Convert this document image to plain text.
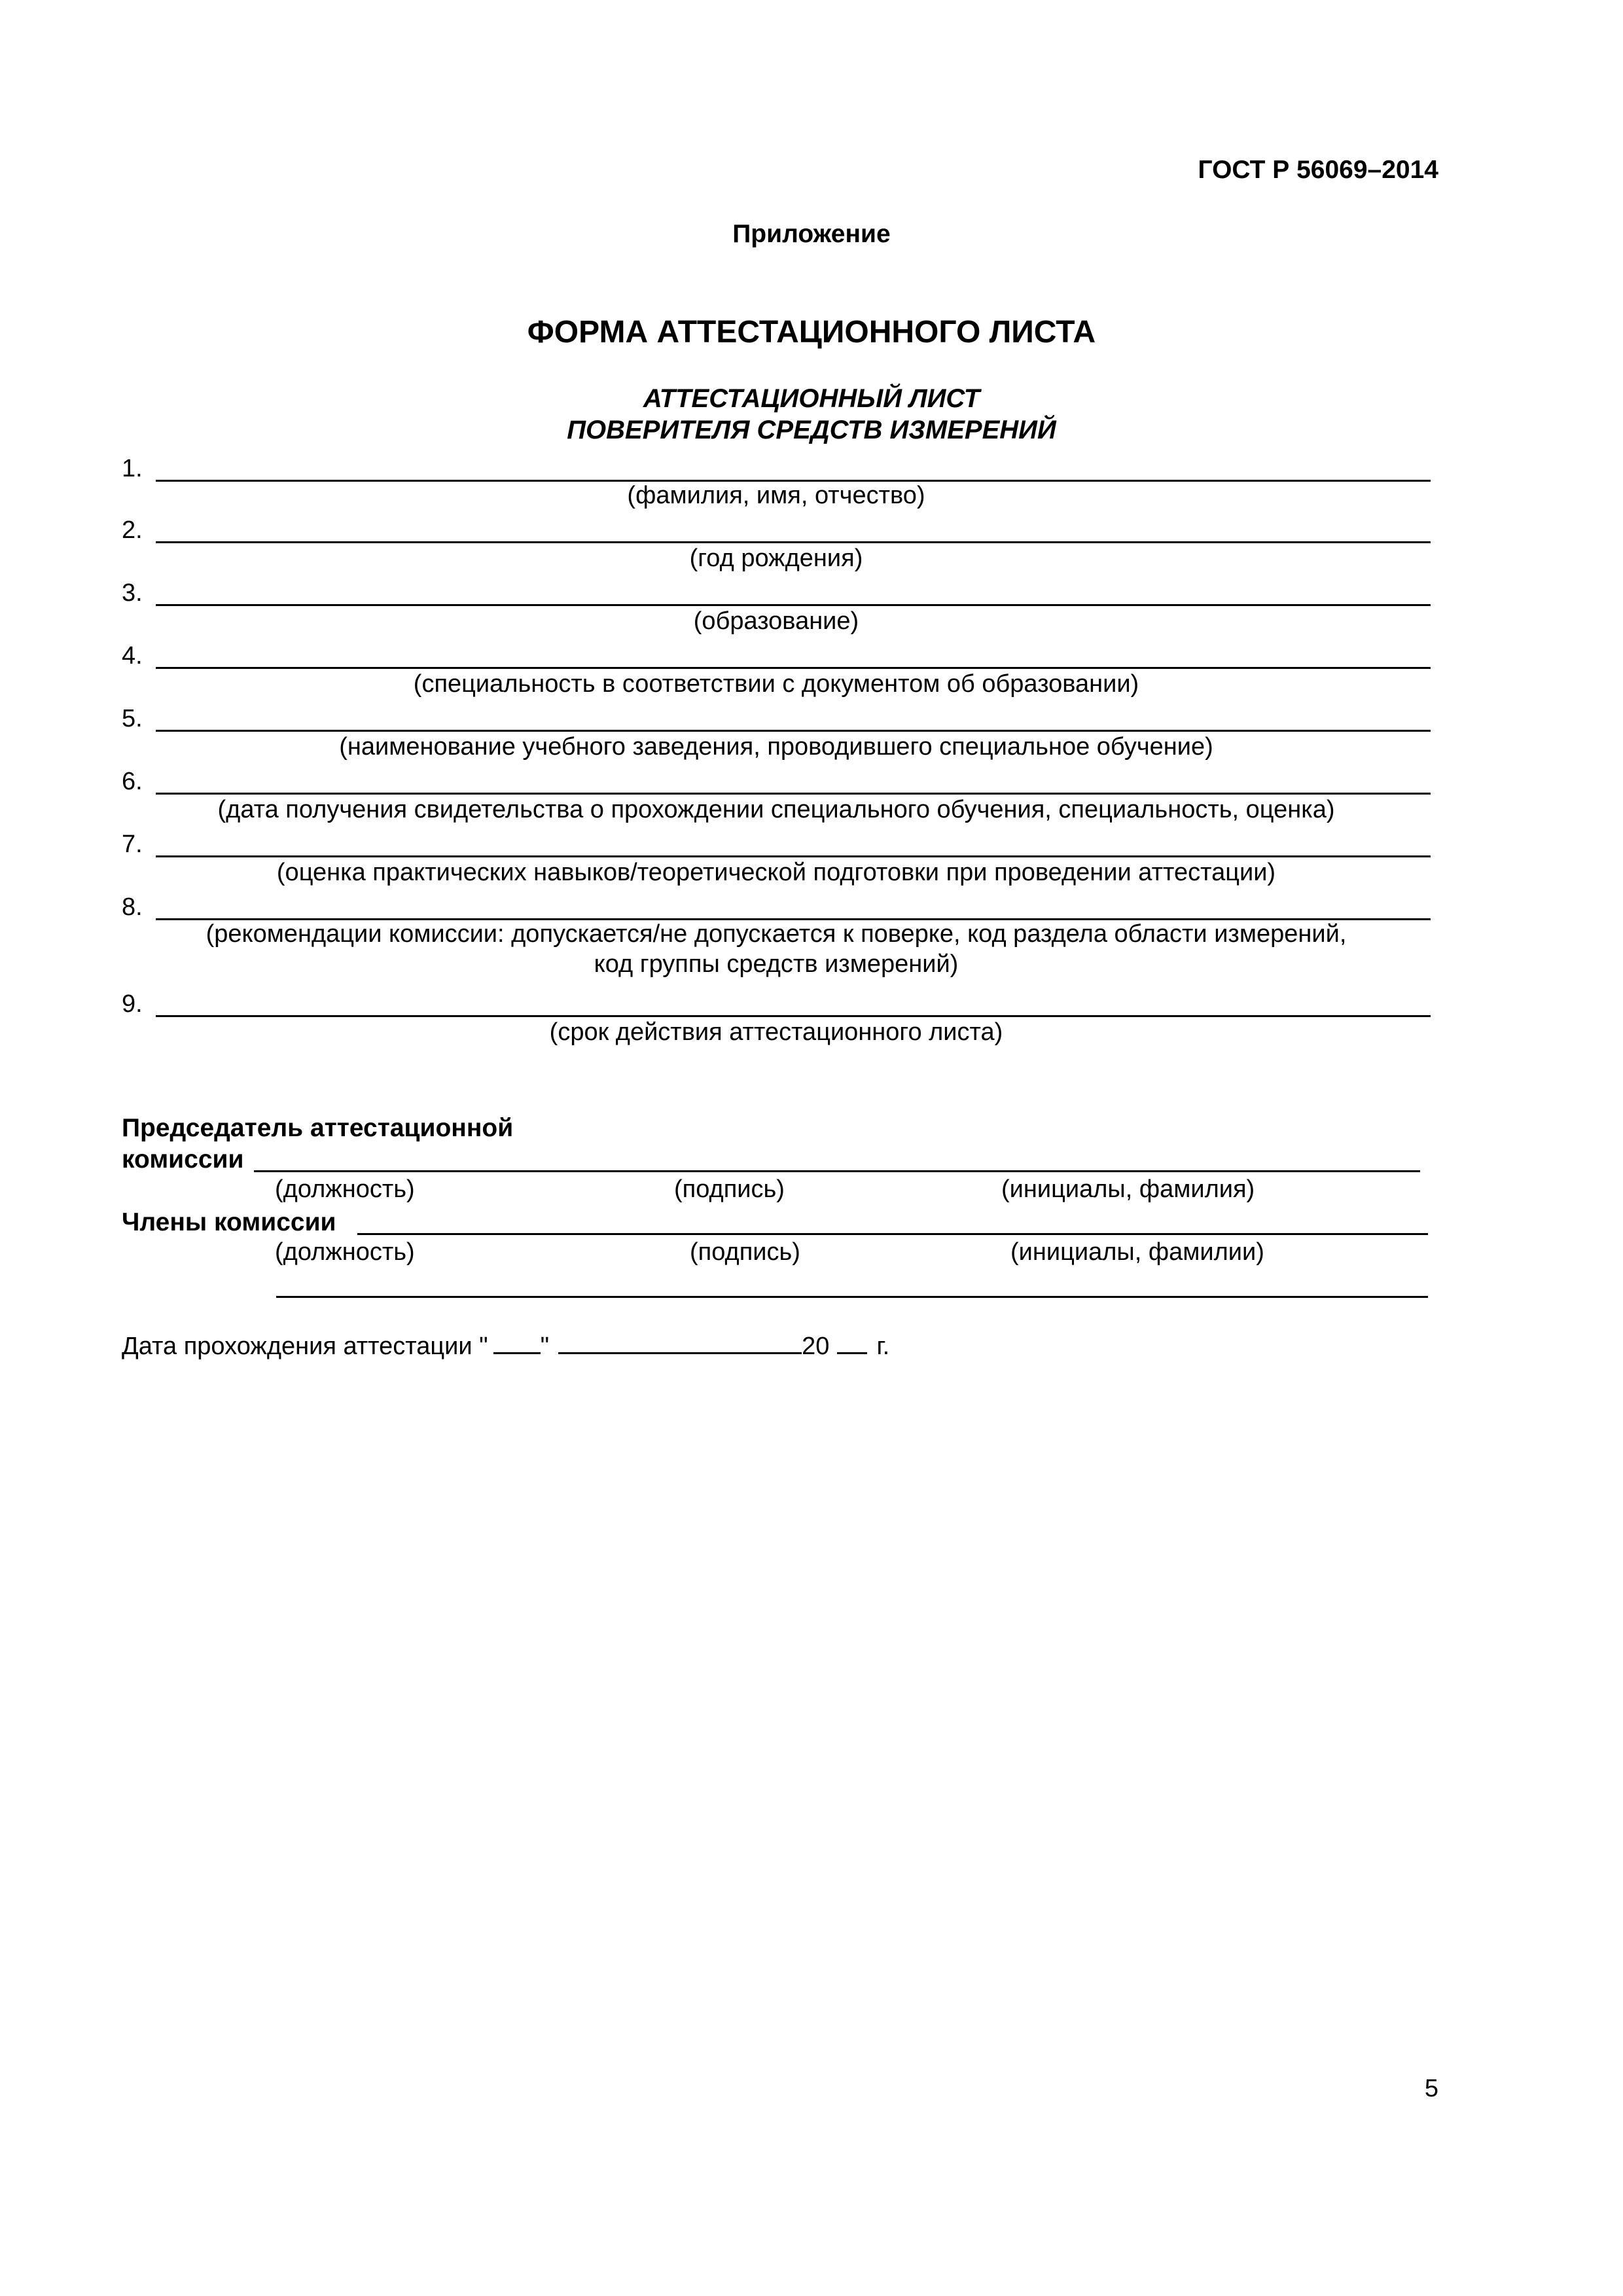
ГОСТ Р 56069–2014
Приложение
ФОРМА АТТЕСТАЦИОННОГО ЛИСТА
АТТЕСТАЦИОННЫЙ ЛИСТ
ПОВЕРИТЕЛЯ СРЕДСТВ ИЗМЕРЕНИЙ
1.
(фамилия, имя, отчество)
2.
(год рождения)
3.
(образование)
4.
(специальность в соответствии с документом об образовании)
5.
(наименование учебного заведения, проводившего специальное обучение)
6.
(дата получения свидетельства о прохождении специального обучения, специальность, оценка)
7.
(оценка практических навыков/теоретической подготовки при проведении аттестации)
8.
(рекомендации комиссии: допускается/не допускается к поверке, код раздела области измерений,
код группы средств измерений)
9.
(срок действия аттестационного листа)
Председатель аттестационной
комиссии
(должность)	(подпись)	(инициалы, фамилия)
Члены комиссии
(должность)	(подпись)	(инициалы, фамилии)
Дата прохождения аттестации " "	20 г.
5
